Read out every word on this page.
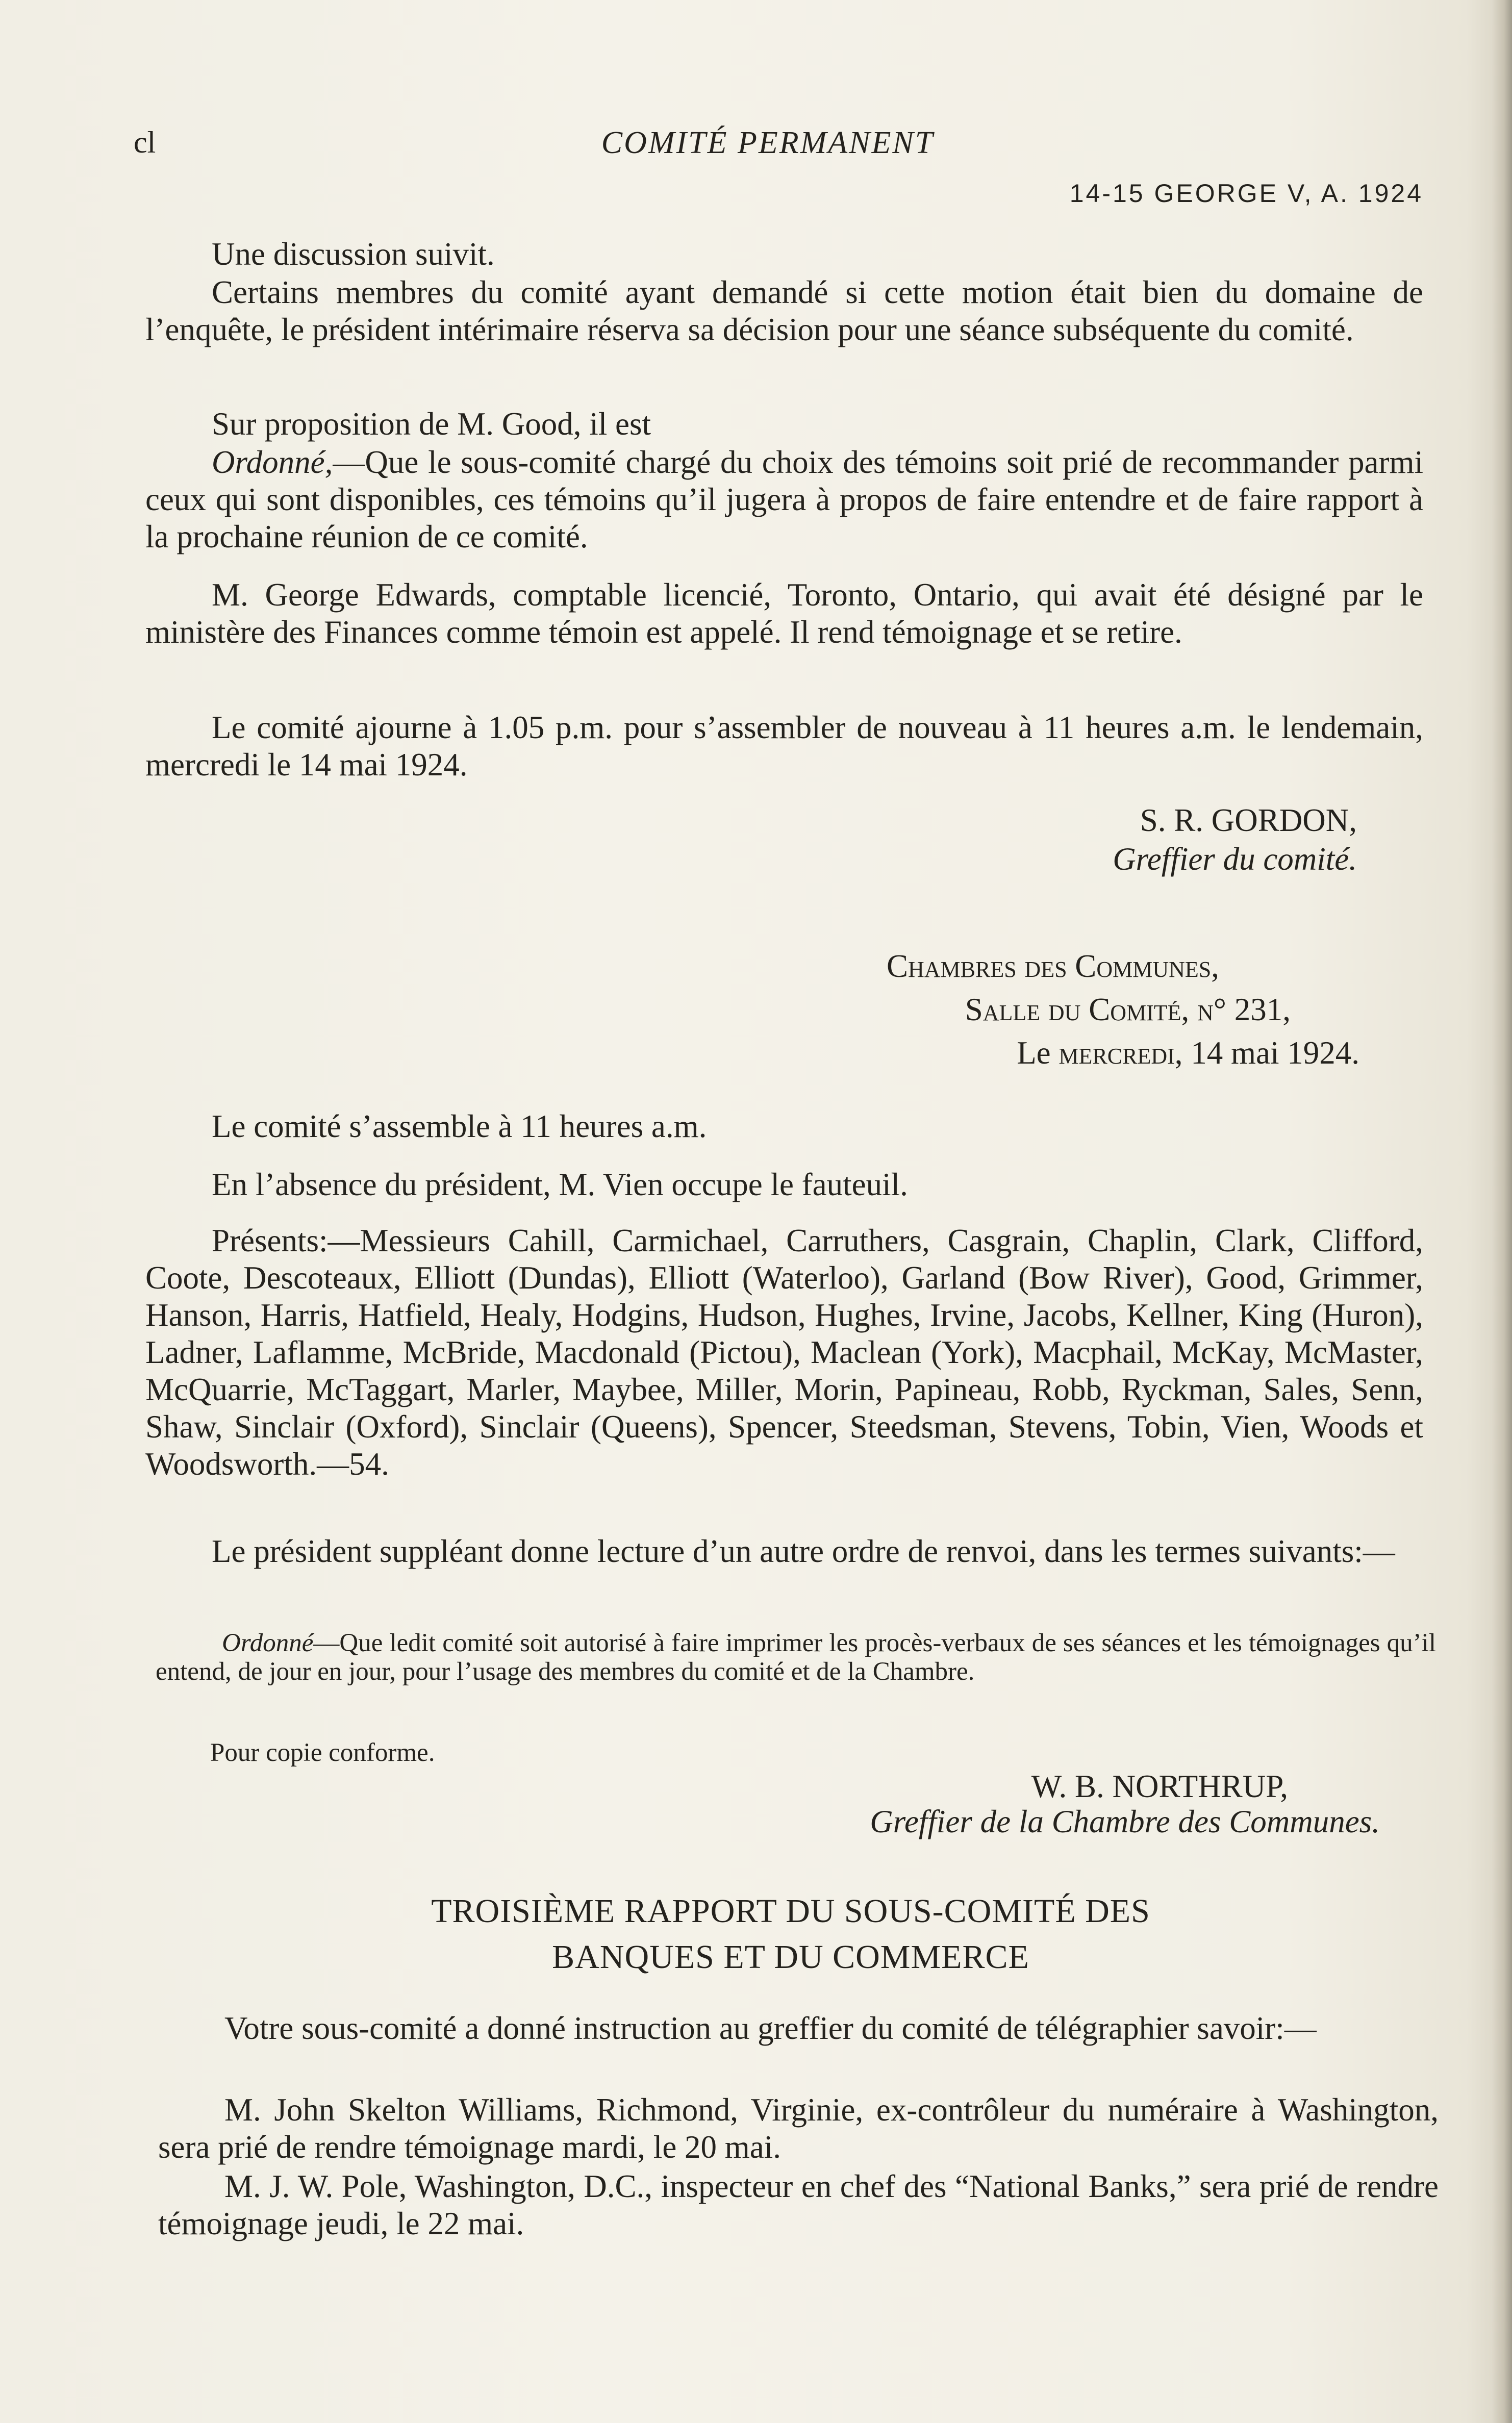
cl	COMITÉ PERMANENT
14-15 GEORGE V, A. 1924

Une discussion suivit.

Certains membres du comité ayant demandé si cette motion était bien du domaine de l’enquête, le président intérimaire réserva sa décision pour une séance subséquente du comité.

Sur proposition de M. Good, il est

Ordonné,—Que le sous-comité chargé du choix des témoins soit prié de recommander parmi ceux qui sont disponibles, ces témoins qu’il jugera à propos de faire entendre et de faire rapport à la prochaine réunion de ce comité.

M. George Edwards, comptable licencié, Toronto, Ontario, qui avait été désigné par le ministère des Finances comme témoin est appelé. Il rend témoignage et se retire.

Le comité ajourne à 1.05 p.m. pour s’assembler de nouveau à 11 heures a.m. le lendemain, mercredi le 14 mai 1924.

S. R. GORDON,
Greffier du comité.
Chambres des Communes,
Salle du Comité, n° 231,
Le mercredi, 14 mai 1924.

Le comité s’assemble à 11 heures a.m.

En l’absence du président, M. Vien occupe le fauteuil.

Présents:—Messieurs Cahill, Carmichael, Carruthers, Casgrain, Chaplin, Clark, Clifford, Coote, Descoteaux, Elliott (Dundas), Elliott (Waterloo), Garland (Bow River), Good, Grimmer, Hanson, Harris, Hatfield, Healy, Hodgins, Hudson, Hughes, Irvine, Jacobs, Kellner, King (Huron), Ladner, Laflamme, McBride, Macdonald (Pictou), Maclean (York), Macphail, McKay, McMaster, McQuarrie, McTaggart, Marler, Maybee, Miller, Morin, Papineau, Robb, Ryckman, Sales, Senn, Shaw, Sinclair (Oxford), Sinclair (Queens), Spencer, Steedsman, Stevens, Tobin, Vien, Woods et Woodsworth.—54.

Le président suppléant donne lecture d’un autre ordre de renvoi, dans les termes suivants:—

Ordonné—Que ledit comité soit autorisé à faire imprimer les procès-verbaux de ses séances et les témoignages qu’il entend, de jour en jour, pour l’usage des membres du comité et de la Chambre.

Pour copie conforme.
W. B. NORTHRUP,
Greffier de la Chambre des Communes.
TROISIÈME RAPPORT DU SOUS-COMITÉ DES
BANQUES ET DU COMMERCE

Votre sous-comité a donné instruction au greffier du comité de télégraphier savoir:—

M. John Skelton Williams, Richmond, Virginie, ex-contrôleur du numéraire à Washington, sera prié de rendre témoignage mardi, le 20 mai.

M. J. W. Pole, Washington, D.C., inspecteur en chef des “National Banks,” sera prié de rendre témoignage jeudi, le 22 mai.
